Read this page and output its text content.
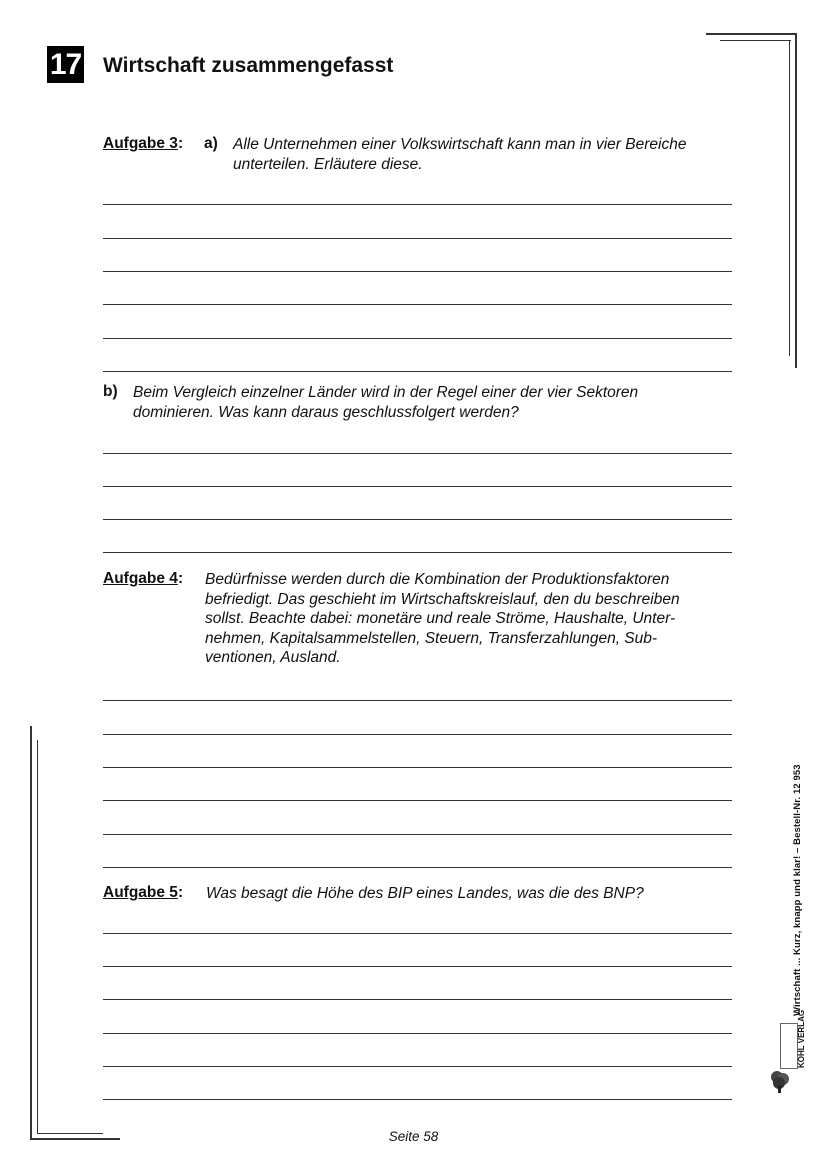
17 Wirtschaft zusammengefasst
Aufgabe 3: a) Alle Unternehmen einer Volkswirtschaft kann man in vier Bereiche
unterteilen. Erläutere diese.
b) Beim Vergleich einzelner Länder wird in der Regel einer der vier Sektoren
dominieren. Was kann daraus geschlussfolgert werden?
Aufgabe 4: Bedürfnisse werden durch die Kombination der Produktionsfaktoren
befriedigt. Das geschieht im Wirtschaftskreislauf, den du beschreiben
sollst. Beachte dabei: monetäre und reale Ströme, Haushalte, Unter-
nehmen, Kapitalsammelstellen, Steuern, Transferzahlungen, Sub-
ventionen, Ausland.
Aufgabe 5: Was besagt die Höhe des BIP eines Landes, was die des BNP?	Wirtschaft ... Kurz, knapp und klar! – Bestell-Nr. 12 953
KOHL VERLAG
Seite 58
